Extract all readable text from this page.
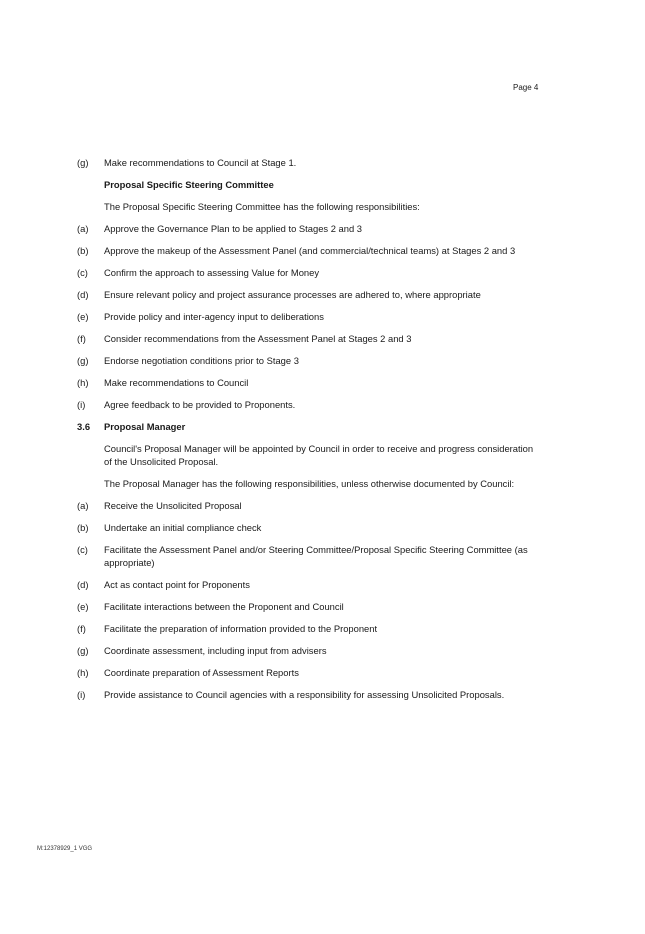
Page 4
(g)	Make recommendations to Council at Stage 1.
Proposal Specific Steering Committee
The Proposal Specific Steering Committee has the following responsibilities:
(a)	Approve the Governance Plan to be applied to Stages 2 and 3
(b)	Approve the makeup of the Assessment Panel (and commercial/technical teams) at Stages 2 and 3
(c)	Confirm the approach to assessing Value for Money
(d)	Ensure relevant policy and project assurance processes are adhered to, where appropriate
(e)	Provide policy and inter-agency input to deliberations
(f)	Consider recommendations from the Assessment Panel at Stages 2 and 3
(g)	Endorse negotiation conditions prior to Stage 3
(h)	Make recommendations to Council
(i)	Agree feedback to be provided to Proponents.
3.6	Proposal Manager
Council's Proposal Manager will be appointed by Council in order to receive and progress consideration of the Unsolicited Proposal.
The Proposal Manager has the following responsibilities, unless otherwise documented by Council:
(a)	Receive the Unsolicited Proposal
(b)	Undertake an initial compliance check
(c)	Facilitate the Assessment Panel and/or Steering Committee/Proposal Specific Steering Committee (as appropriate)
(d)	Act as contact point for Proponents
(e)	Facilitate interactions between the Proponent and Council
(f)	Facilitate the preparation of information provided to the Proponent
(g)	Coordinate assessment, including input from advisers
(h)	Coordinate preparation of Assessment Reports
(i)	Provide assistance to Council agencies with a responsibility for assessing Unsolicited Proposals.
M:12378929_1 VGG
